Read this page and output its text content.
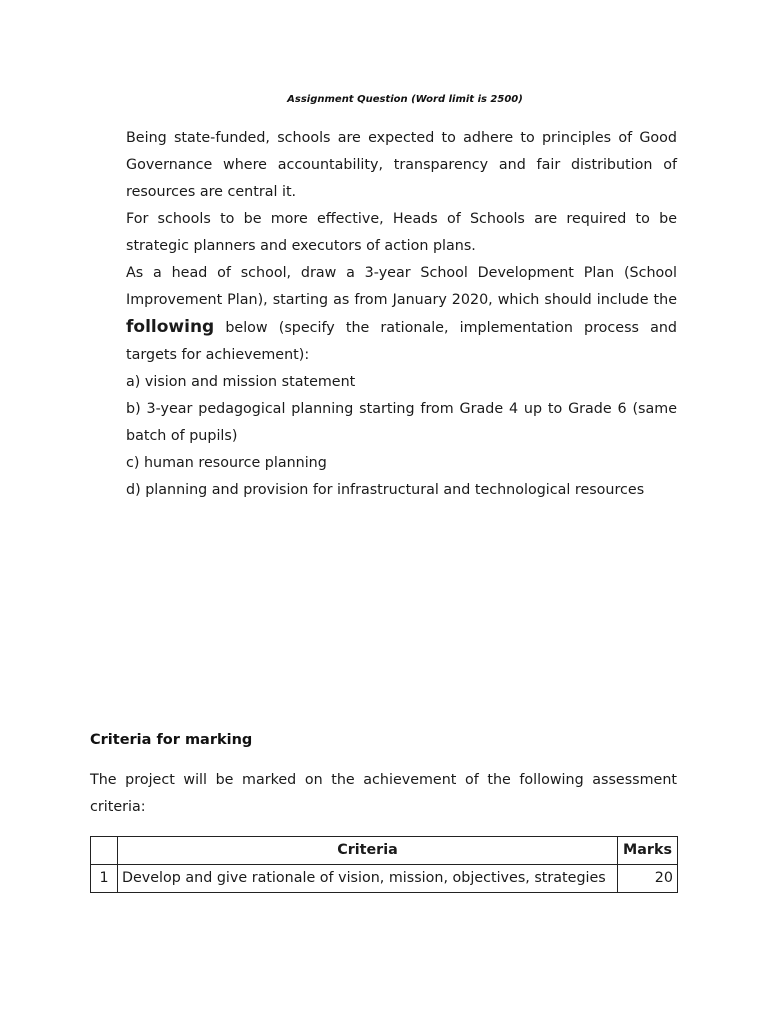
Assignment Question (Word limit is 2500)

Being state-funded, schools are expected to adhere to principles of Good Governance where accountability, transparency and fair distribution of resources are central it.

For schools to be more effective, Heads of Schools are required to be strategic planners and executors of action plans.

As a head of school, draw a 3-year School Development Plan (School Improvement Plan), starting as from January 2020, which should include the following below (specify the rationale, implementation process and targets for achievement):

a) vision and mission statement

b) 3-year pedagogical planning starting from Grade 4 up to Grade 6 (same batch of pupils)

c) human resource planning

d) planning and provision for infrastructural and technological resources

Criteria for marking
The project will be marked on the achievement of the following assessment criteria:
	Criteria	Marks
1	Develop and give rationale of vision, mission, objectives, strategies	20
